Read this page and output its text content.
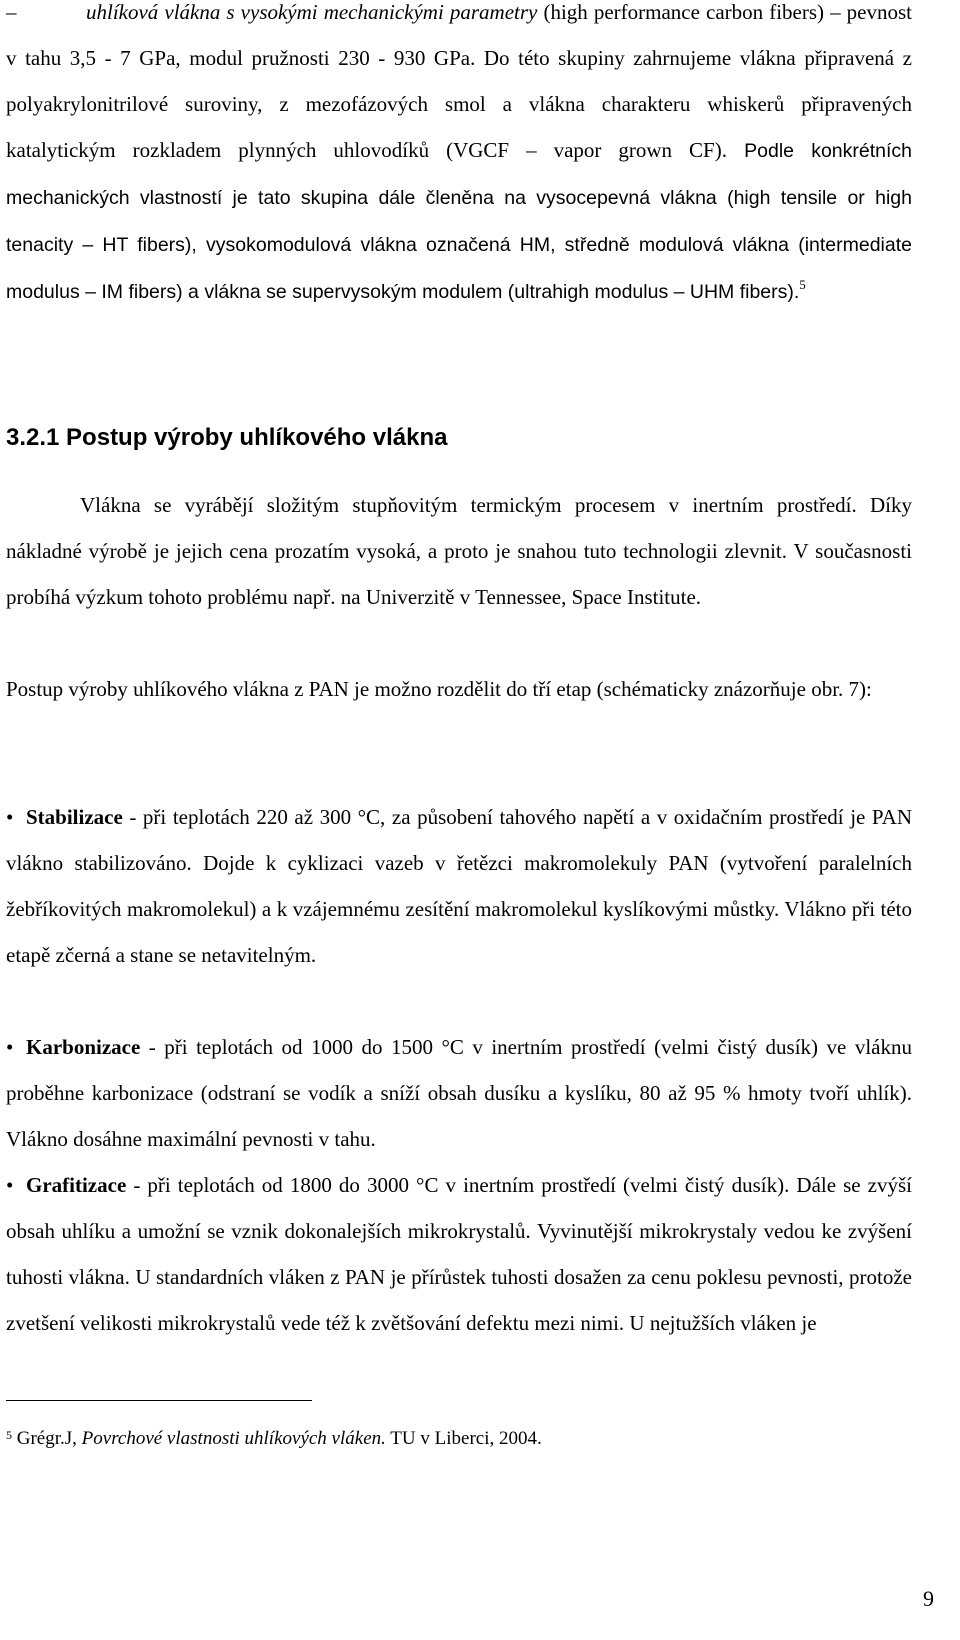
–	uhlíková vlákna s vysokými mechanickými parametry (high performance carbon fibers) – pevnost v tahu 3,5 - 7 GPa, modul pružnosti 230 - 930 GPa. Do této skupiny zahrnujeme vlákna připravená z polyakrylonitrilové suroviny, z mezofázových smol a vlákna charakteru whiskerů připravených katalytickým rozkladem plynných uhlovodíků (VGCF – vapor grown CF). Podle konkrétních mechanických vlastností je tato skupina dále členěna na vysocepevná vlákna (high tensile or high tenacity – HT fibers), vysokomodulová vlákna označená HM, středně modulová vlákna (intermediate modulus – IM fibers) a vlákna se supervysokým modulem (ultrahigh modulus – UHM fibers).$^5$

3.2.1 Postup výroby uhlíkového vlákna

Vlákna se vyrábějí složitým stupňovitým termickým procesem v inertním prostředí. Díky nákladné výrobě je jejich cena prozatím vysoká, a proto je snahou tuto technologii zlevnit. V současnosti probíhá výzkum tohoto problému např. na Univerzitě v Tennessee, Space Institute.

Postup výroby uhlíkového vlákna z PAN je možno rozdělit do tří etap (schématicky znázorňuje obr. 7):

• Stabilizace - při teplotách 220 až 300 °C, za působení tahového napětí a v oxidačním prostředí je PAN vlákno stabilizováno. Dojde k cyklizaci vazeb v řetězci makromolekuly PAN (vytvoření paralelních žebříkovitých makromolekul) a k vzájemnému zesítění makromolekul kyslíkovými můstky. Vlákno při této etapě zčerná a stane se netavitelným.

• Karbonizace - při teplotách od 1000 do 1500 °C v inertním prostředí (velmi čistý dusík) ve vláknu proběhne karbonizace (odstraní se vodík a sníží obsah dusíku a kyslíku, 80 až 95 % hmoty tvoří uhlík). Vlákno dosáhne maximální pevnosti v tahu.

• Grafitizace - při teplotách od 1800 do 3000 °C v inertním prostředí (velmi čistý dusík). Dále se zvýší obsah uhlíku a umožní se vznik dokonalejších mikrokrystalů. Vyvinutější mikrokrystaly vedou ke zvýšení tuhosti vlákna. U standardních vláken z PAN je přírůstek tuhosti dosažen za cenu poklesu pevnosti, protože zvetšení velikosti mikrokrystalů vede též k zvětšování defektu mezi nimi. U nejtužších vláken je

$^5$ Grégr.J, Povrchové vlastnosti uhlíkových vláken. TU v Liberci, 2004.

9
